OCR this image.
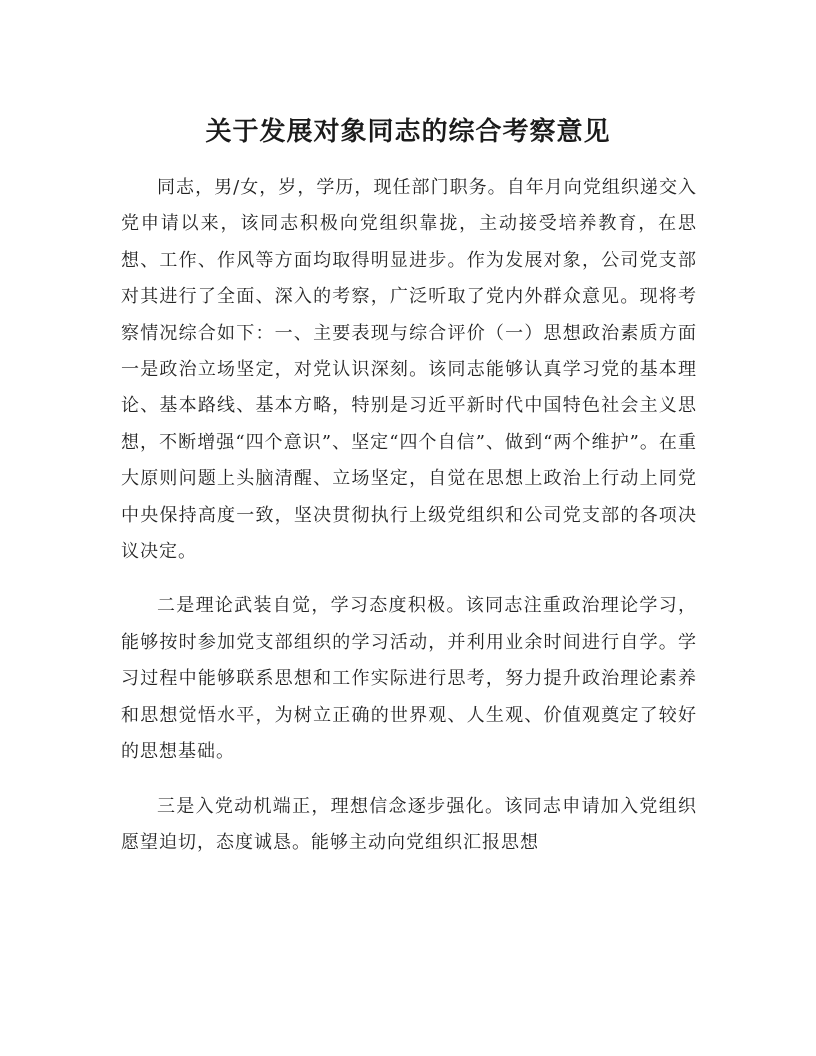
关于发展对象同志的综合考察意见

同志，男/女，岁，学历，现任部门职务。自年月向党组织递交入党申请以来，该同志积极向党组织靠拢，主动接受培养教育，在思想、工作、作风等方面均取得明显进步。作为发展对象，公司党支部对其进行了全面、深入的考察，广泛听取了党内外群众意见。现将考察情况综合如下：一、主要表现与综合评价（一）思想政治素质方面一是政治立场坚定，对党认识深刻。该同志能够认真学习党的基本理论、基本路线、基本方略，特别是习近平新时代中国特色社会主义思想，不断增强“四个意识”、坚定“四个自信”、做到“两个维护”。在重大原则问题上头脑清醒、立场坚定，自觉在思想上政治上行动上同党中央保持高度一致，坚决贯彻执行上级党组织和公司党支部的各项决议决定。

二是理论武装自觉，学习态度积极。该同志注重政治理论学习，能够按时参加党支部组织的学习活动，并利用业余时间进行自学。学习过程中能够联系思想和工作实际进行思考，努力提升政治理论素养和思想觉悟水平，为树立正确的世界观、人生观、价值观奠定了较好的思想基础。

三是入党动机端正，理想信念逐步强化。该同志申请加入党组织愿望迫切，态度诚恳。能够主动向党组织汇报思想
